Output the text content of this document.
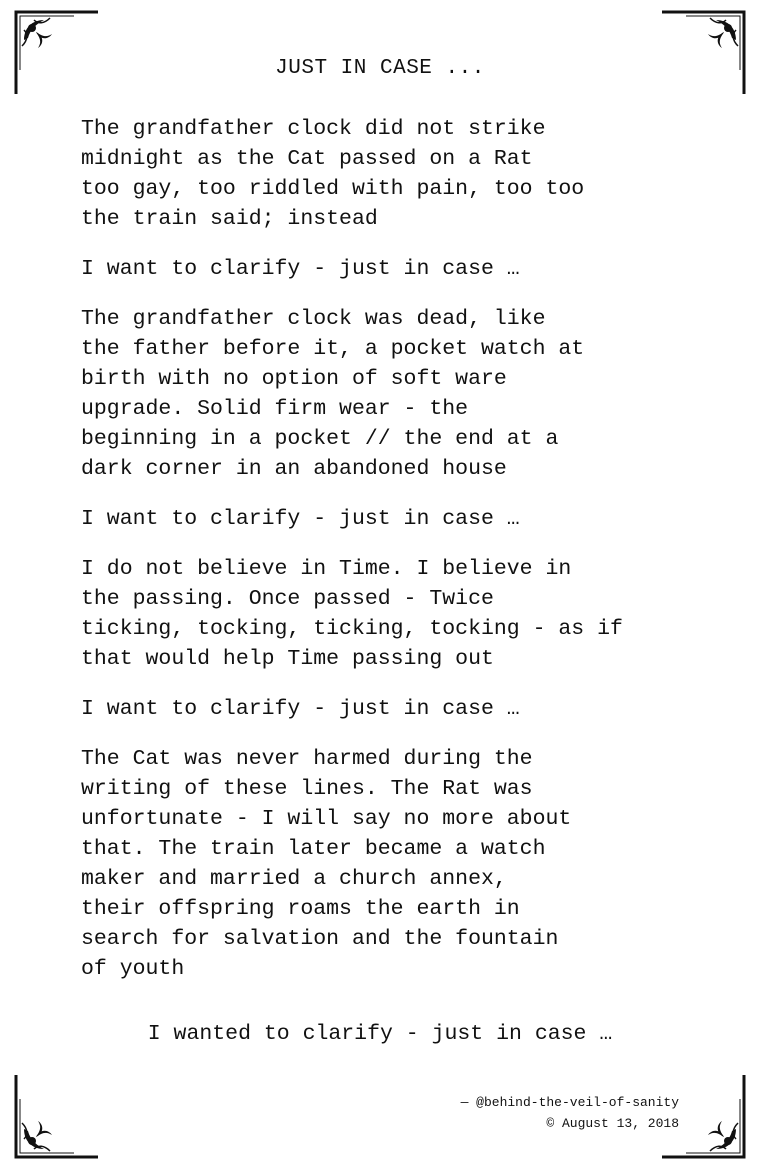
JUST IN CASE ...

The grandfather clock did not strike
midnight as the Cat passed on a Rat
too gay, too riddled with pain, too too
the train said; instead

I want to clarify - just in case …

The grandfather clock was dead, like
the father before it, a pocket watch at
birth with no option of soft ware
upgrade. Solid firm wear - the
beginning in a pocket // the end at a
dark corner in an abandoned house

I want to clarify - just in case …

I do not believe in Time. I believe in
the passing. Once passed - Twice
ticking, tocking, ticking, tocking - as if
that would help Time passing out

I want to clarify - just in case …

The Cat was never harmed during the
writing of these lines. The Rat was
unfortunate - I will say no more about
that. The train later became a watch
maker and married a church annex,
their offspring roams the earth in
search for salvation and the fountain
of youth

I wanted to clarify - just in case …
— @behind-the-veil-of-sanity
© August 13, 2018
